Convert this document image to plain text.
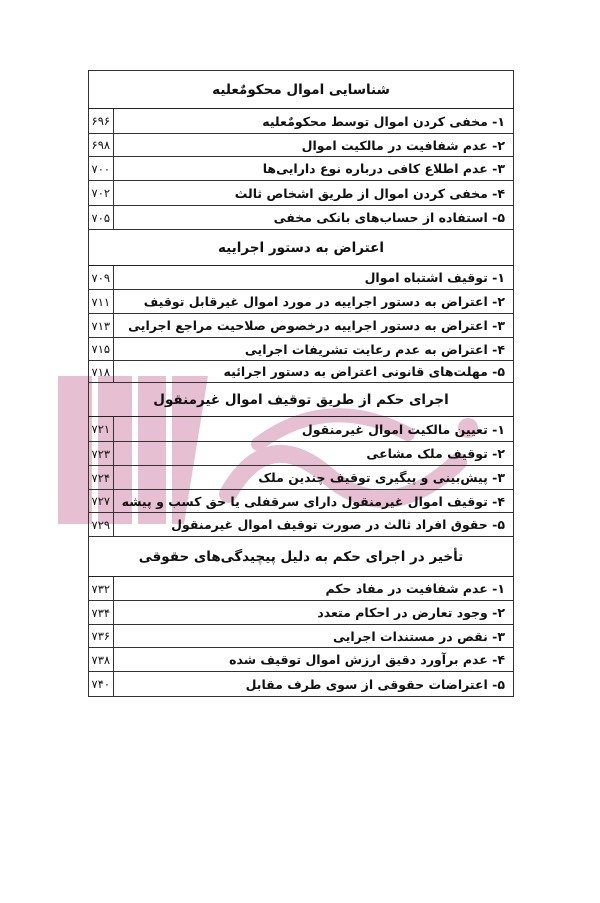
شناسایی اموال محکومٌعلیه	
۱- مخفی کردن اموال توسط محکومٌعلیه	۶۹۶
۲- عدم شفافیت در مالکیت اموال	۶۹۸
۳- عدم اطلاع کافی درباره نوع دارایی‌ها	۷۰۰
۴- مخفی کردن اموال از طریق اشخاص ثالث	۷۰۲
۵- استفاده از حساب‌های بانکی مخفی	۷۰۵
اعتراض به دستور اجراییه	
۱- توقیف اشتباه اموال	۷۰۹
۲- اعتراض به دستور اجراییه در مورد اموال غیرقابل توقیف	۷۱۱
۳- اعتراض به دستور اجراییه درخصوص صلاحیت مراجع اجرایی	۷۱۳
۴- اعتراض به عدم رعایت تشریفات اجرایی	۷۱۵
۵- مهلت‌های قانونی اعتراض به دستور اجرائیه	۷۱۸
اجرای حکم از طریق توقیف اموال غیرمنقول	
۱- تعیین مالکیت اموال غیرمنقول	۷۲۱
۲- توقیف ملک مشاعی	۷۲۳
۳- پیش‌بینی و پیگیری توقیف چندین ملک	۷۲۴
۴- توقیف اموال غیرمنقول دارای سرقفلی یا حق کسب و پیشه	۷۲۷
۵- حقوق افراد ثالث در صورت توقیف اموال غیرمنقول	۷۲۹
تأخیر در اجرای حکم به دلیل پیچیدگی‌های حقوقی	
۱- عدم شفافیت در مفاد حکم	۷۳۲
۲- وجود تعارض در احکام متعدد	۷۳۴
۳- نقص در مستندات اجرایی	۷۳۶
۴- عدم برآورد دقیق ارزش اموال توقیف شده	۷۳۸
۵- اعتراضات حقوقی از سوی طرف مقابل	۷۴۰
